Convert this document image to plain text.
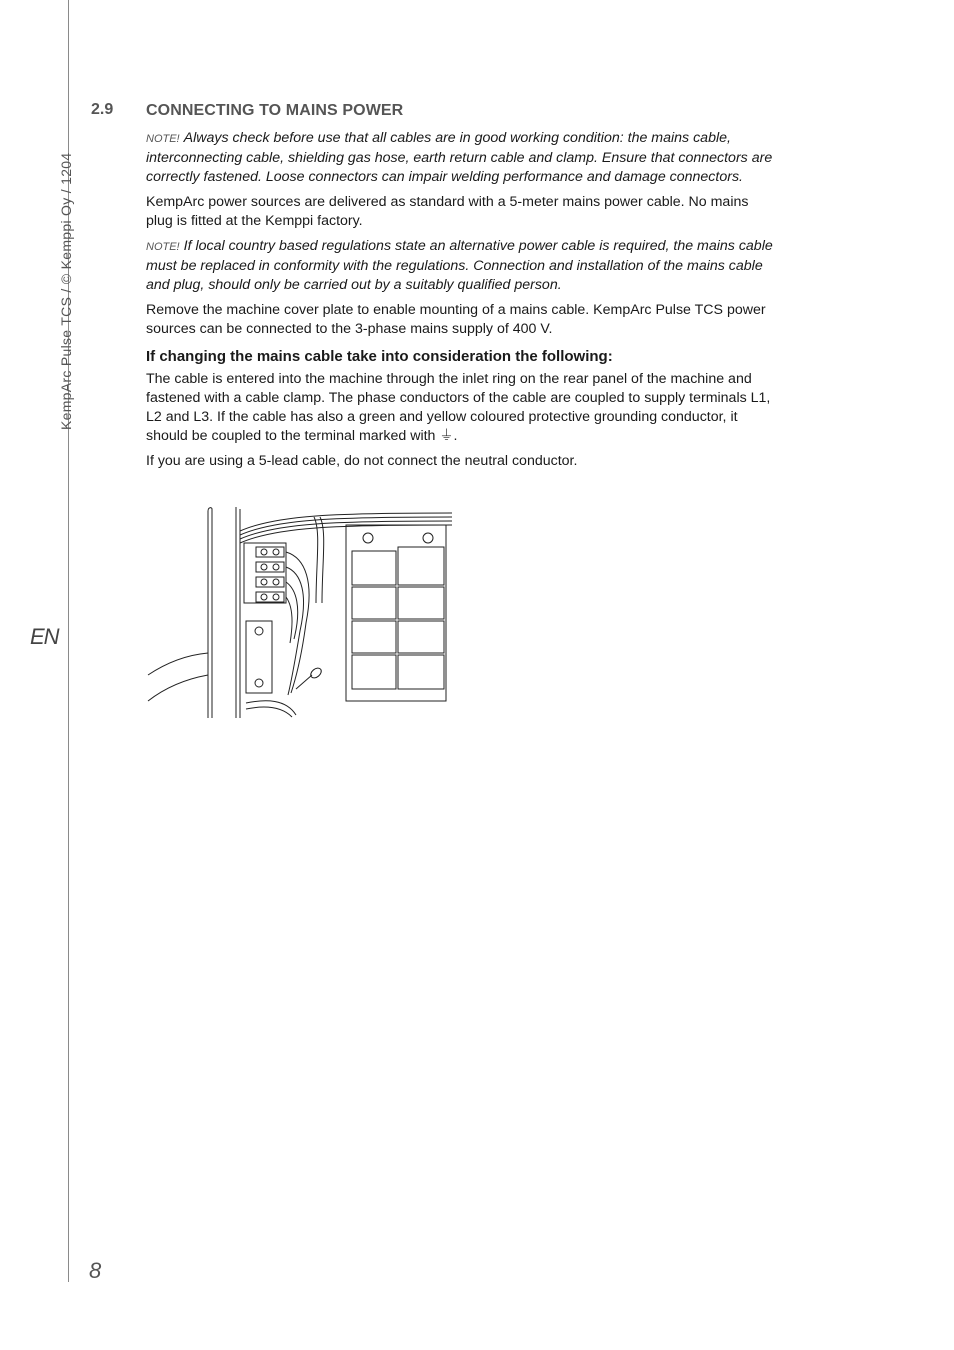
KempArc Pulse TCS / © Kemppi Oy / 1204
EN
8
2.9 CONNECTING TO MAINS POWER

NOTE! Always check before use that all cables are in good working condition: the mains cable, interconnecting cable, shielding gas hose, earth return cable and clamp. Ensure that connectors are correctly fastened. Loose connectors can impair welding performance and damage connectors.

KempArc power sources are delivered as standard with a 5-meter mains power cable. No mains plug is fitted at the Kemppi factory.

NOTE! If local country based regulations state an alternative power cable is required, the mains cable must be replaced in conformity with the regulations. Connection and installation of the mains cable and plug, should only be carried out by a suitably qualified person.

Remove the machine cover plate to enable mounting of a mains cable. KempArc Pulse TCS power sources can be connected to the 3-phase mains supply of 400 V.

If changing the mains cable take into consideration the following:

The cable is entered into the machine through the inlet ring on the rear panel of the machine and fastened with a cable clamp. The phase conductors of the cable are coupled to supply terminals L1, L2 and L3. If the cable has also a green and yellow coloured protective grounding conductor, it should be coupled to the terminal marked with ⏚.

If you are using a 5-lead cable, do not connect the neutral conductor.
